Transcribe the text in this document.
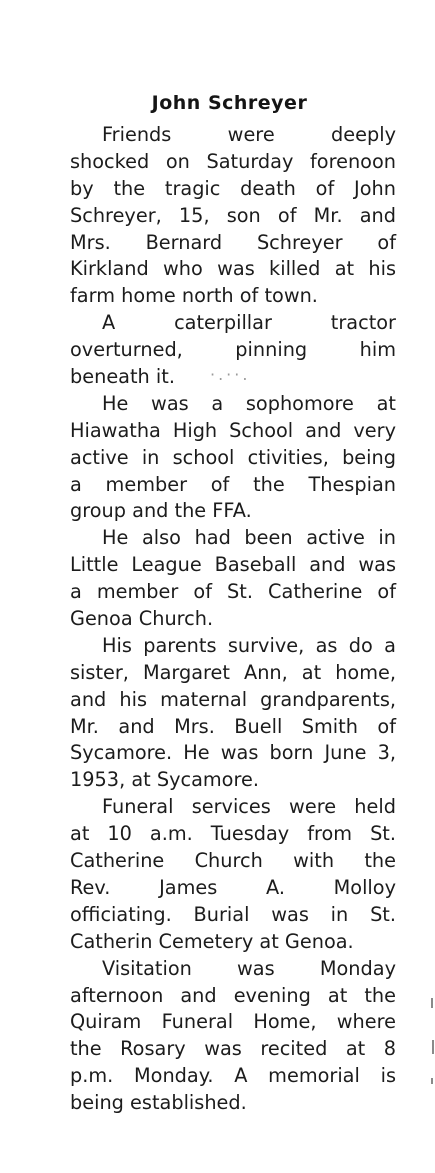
John Schreyer
Friends were deeply
shocked on Saturday forenoon
by the tragic death of John
Schreyer, 15, son of Mr. and
Mrs. Bernard Schreyer of
Kirkland who was killed at his
farm home north of town.
A caterpillar tractor
overturned, pinning him
beneath it.
He was a sophomore at
Hiawatha High School and very
active in school ctivities, being
a member of the Thespian
group and the FFA.
He also had been active in
Little League Baseball and was
a member of St. Catherine of
Genoa Church.
His parents survive, as do a
sister, Margaret Ann, at home,
and his maternal grandparents,
Mr. and Mrs. Buell Smith of
Sycamore. He was born June 3,
1953, at Sycamore.
Funeral services were held
at 10 a.m. Tuesday from St.
Catherine Church with the
Rev. James A. Molloy
officiating. Burial was in St.
Catherin Cemetery at Genoa.
Visitation was Monday
afternoon and evening at the
Quiram Funeral Home, where
the Rosary was recited at 8
p.m. Monday. A memorial is
being established.
·.··.
